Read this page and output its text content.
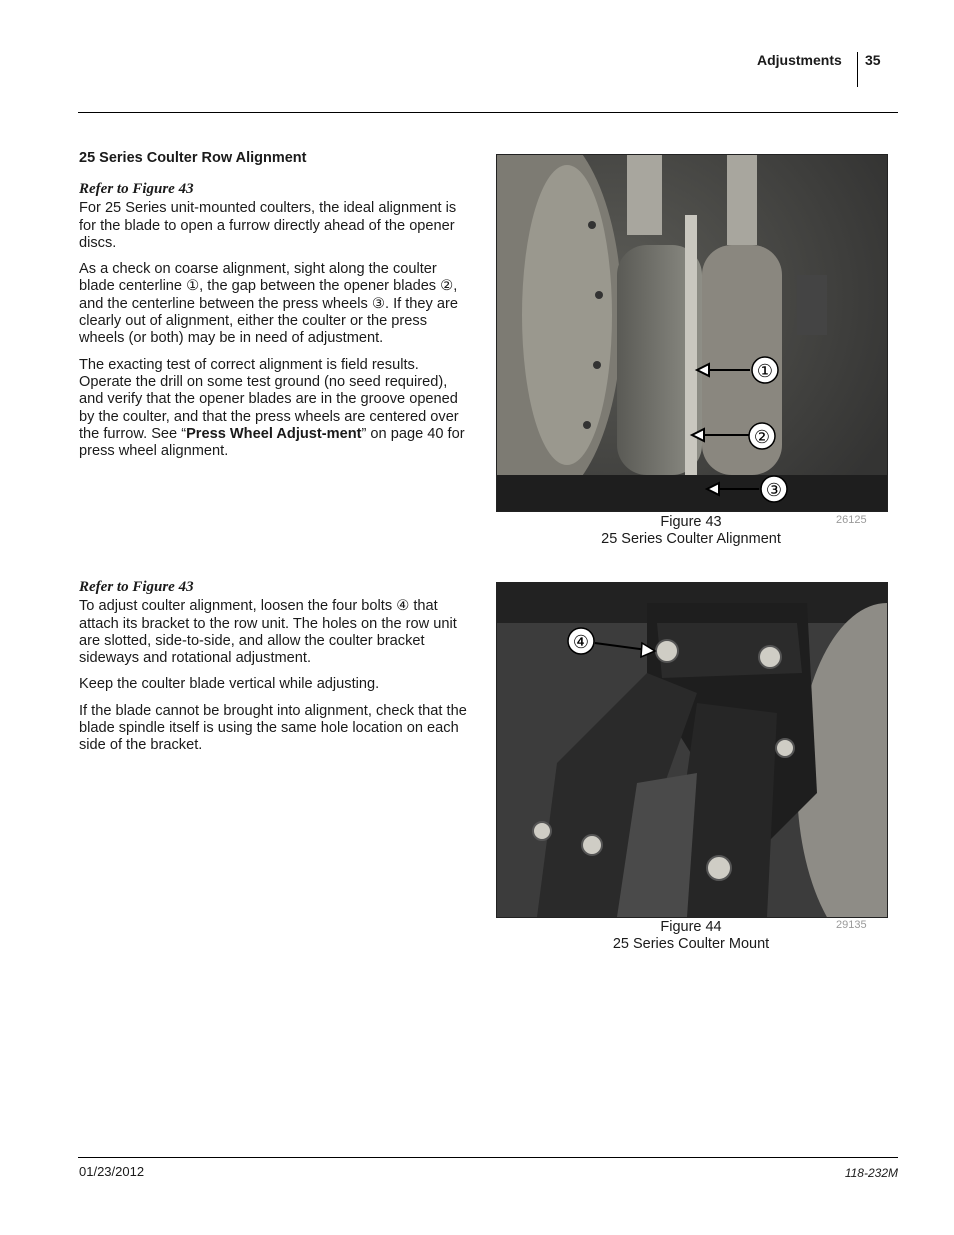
Adjustments 35
25 Series Coulter Row Alignment

Refer to Figure 43

For 25 Series unit-mounted coulters, the ideal alignment is for the blade to open a furrow directly ahead of the opener discs.

As a check on coarse alignment, sight along the coulter blade centerline ①, the gap between the opener blades ②, and the centerline between the press wheels ③. If they are clearly out of alignment, either the coulter or the press wheels (or both) may be in need of adjustment.

The exacting test of correct alignment is field results. Operate the drill on some test ground (no seed required), and verify that the opener blades are in the groove opened by the coulter, and that the press wheels are centered over the furrow. See “Press Wheel Adjust-ment” on page 40 for press wheel alignment.

Refer to Figure 43

To adjust coulter alignment, loosen the four bolts ④ that attach its bracket to the row unit. The holes on the row unit are slotted, side-to-side, and allow the coulter bracket sideways and rotational adjustment.

Keep the coulter blade vertical while adjusting.

If the blade cannot be brought into alignment, check that the blade spindle itself is using the same hole location on each side of the bracket.

①
②
③
Figure 43
25 Series Coulter Alignment
26125
④
Figure 44
25 Series Coulter Mount
29135
01/23/2012	118-232M
